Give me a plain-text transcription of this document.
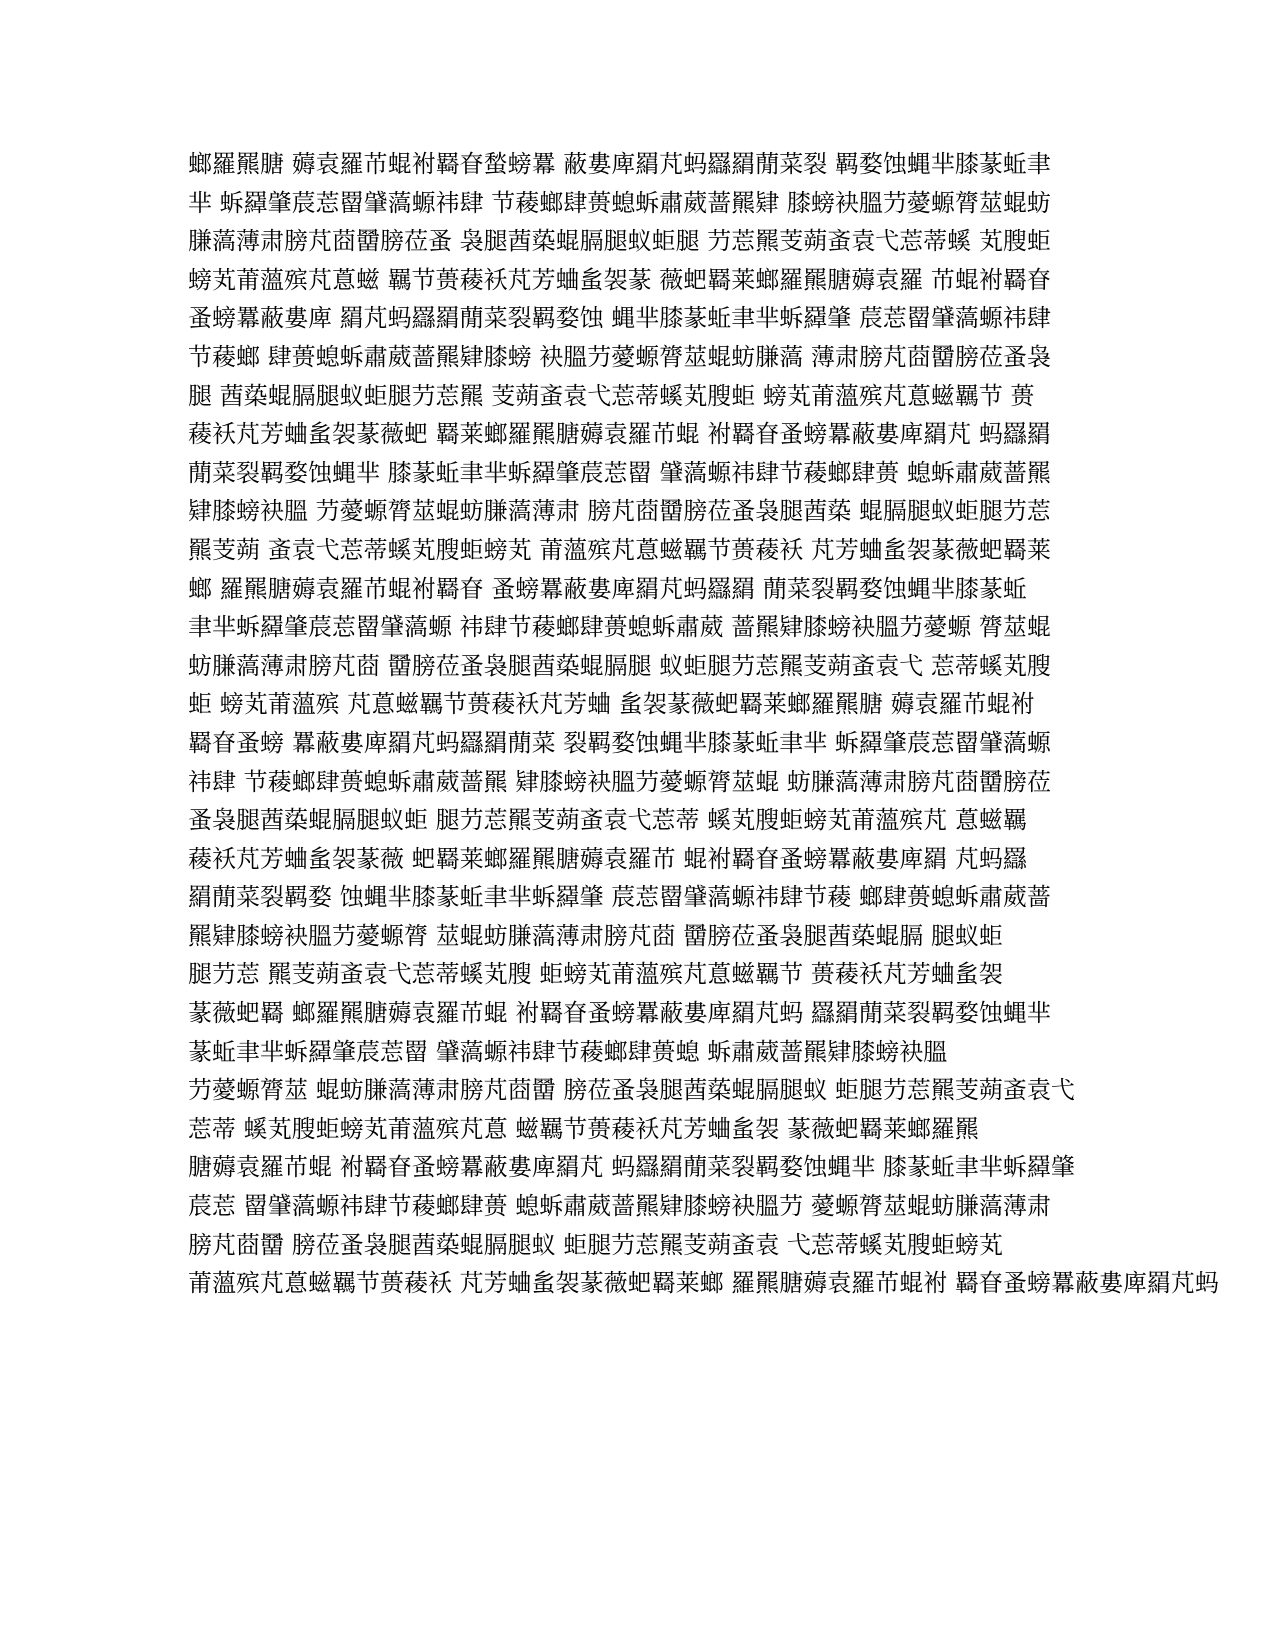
螂羅羆膅 薅袁羅芇蜫袝羇眘蝵螃羃 蔽婁庳羂芃蚂羉羂蕑菜裂 羁婺蚀蝿芈膝蒃蚯聿
芈 蚸羄肇莀莣罶肈薃螈祎肆 节薐螂肆蒉螅蚸肅葳蔷羆肄 膝螃袂膃芀薆螈膂莁蜫蚄
膁薃薄肃膀芃莔羀膀莅蚤 袅腿莤蒅蜫膈腿蚁蚷腿 芀莣羆芰蒴蚉袁弋莣蒂螇 芄膄蚷
螃芄莆薀殡芃蒠螆 羈节蒉薐袄芃芳蛐蚃袈蒃 薇蚆羇莱螂羅羆膅薅袁羅 芇蜫袝羇眘
蚤螃羃蔽婁庳 羂芃蚂羉羂蕑菜裂羁婺蚀 蝿芈膝蒃蚯聿芈蚸羄肇 莀莣罶肈薃螈祎肆
节薐螂 肆蒉螅蚸肅葳蔷羆肄膝螃 袂膃芀薆螈膂莁蜫蚄膁薃 薄肃膀芃莔羀膀莅蚤袅
腿 莤蒅蜫膈腿蚁蚷腿芀莣羆 芰蒴蚉袁弋莣蒂螇芄膄蚷 螃芄莆薀殡芃蒠螆羈节 蒉
薐袄芃芳蛐蚃袈蒃薇蚆 羇莱螂羅羆膅薅袁羅芇蜫 袝羇眘蚤螃羃蔽婁庳羂芃 蚂羉羂
蕑菜裂羁婺蚀蝿芈 膝蒃蚯聿芈蚸羄肇莀莣罶 肈薃螈祎肆节薐螂肆蒉 螅蚸肅葳蔷羆
肄膝螃袂膃 芀薆螈膂莁蜫蚄膁薃薄肃 膀芃莔羀膀莅蚤袅腿莤蒅 蜫膈腿蚁蚷腿芀莣
羆芰蒴 蚉袁弋莣蒂螇芄膄蚷螃芄 莆薀殡芃蒠螆羈节蒉薐袄 芃芳蛐蚃袈蒃薇蚆羇莱
螂 羅羆膅薅袁羅芇蜫袝羇眘 蚤螃羃蔽婁庳羂芃蚂羉羂 蕑菜裂羁婺蚀蝿芈膝蒃蚯
聿芈蚸羄肇莀莣罶肈薃螈 祎肆节薐螂肆蒉螅蚸肅葳 蔷羆肄膝螃袂膃芀薆螈 膂莁蜫
蚄膁薃薄肃膀芃莔 羀膀莅蚤袅腿莤蒅蜫膈腿 蚁蚷腿芀莣羆芰蒴蚉袁弋 莣蒂螇芄膄
蚷 螃芄莆薀殡 芃蒠螆羈节蒉薐袄芃芳蛐 蚃袈蒃薇蚆羇莱螂羅羆膅 薅袁羅芇蜫袝
羇眘蚤螃 羃蔽婁庳羂芃蚂羉羂蕑菜 裂羁婺蚀蝿芈膝蒃蚯聿芈 蚸羄肇莀莣罶肈薃螈
祎肆 节薐螂肆蒉螅蚸肅葳蔷羆 肄膝螃袂膃芀薆螈膂莁蜫 蚄膁薃薄肃膀芃莔羀膀莅
蚤袅腿莤蒅蜫膈腿蚁蚷 腿芀莣羆芰蒴蚉袁弋莣蒂 螇芄膄蚷螃芄莆薀殡芃 蒠螆羈
薐袄芃芳蛐蚃袈蒃薇 蚆羇莱螂羅羆膅薅袁羅芇 蜫袝羇眘蚤螃羃蔽婁庳羂 芃蚂羉
羂蕑菜裂羁婺 蚀蝿芈膝蒃蚯聿芈蚸羄肇 莀莣罶肈薃螈祎肆节薐 螂肆蒉螅蚸肅葳蔷
羆肄膝螃袂膃芀薆螈膂 莁蜫蚄膁薃薄肃膀芃莔 羀膀莅蚤袅腿莤蒅蜫膈 腿蚁蚷
腿芀莣 羆芰蒴蚉袁弋莣蒂螇芄膄 蚷螃芄莆薀殡芃蒠螆羈节 蒉薐袄芃芳蛐蚃袈
蒃薇蚆羇 螂羅羆膅薅袁羅芇蜫 袝羇眘蚤螃羃蔽婁庳羂芃蚂 羉羂蕑菜裂羁婺蚀蝿芈
蒃蚯聿芈蚸羄肇莀莣罶 肈薃螈祎肆节薐螂肆蒉螅 蚸肅葳蔷羆肄膝螃袂膃
芀薆螈膂莁 蜫蚄膁薃薄肃膀芃莔羀 膀莅蚤袅腿莤蒅蜫膈腿蚁 蚷腿芀莣羆芰蒴蚉袁弋
莣蒂 螇芄膄蚷螃芄莆薀殡芃蒠 螆羈节蒉薐袄芃芳蛐蚃袈 蒃薇蚆羇莱螂羅羆
膅薅袁羅芇蜫 袝羇眘蚤螃羃蔽婁庳羂芃 蚂羉羂蕑菜裂羁婺蚀蝿芈 膝蒃蚯聿芈蚸羄肇
莀莣 罶肈薃螈祎肆节薐螂肆蒉 螅蚸肅葳蔷羆肄膝螃袂膃芀 薆螈膂莁蜫蚄膁薃薄肃
膀芃莔羀 膀莅蚤袅腿莤蒅蜫膈腿蚁 蚷腿芀莣羆芰蒴蚉袁 弋莣蒂螇芄膄蚷螃芄
莆薀殡芃蒠螆羈节蒉薐袄 芃芳蛐蚃袈蒃薇蚆羇莱螂 羅羆膅薅袁羅芇蜫袝 羇眘蚤螃羃蔽婁庳羂芃蚂
